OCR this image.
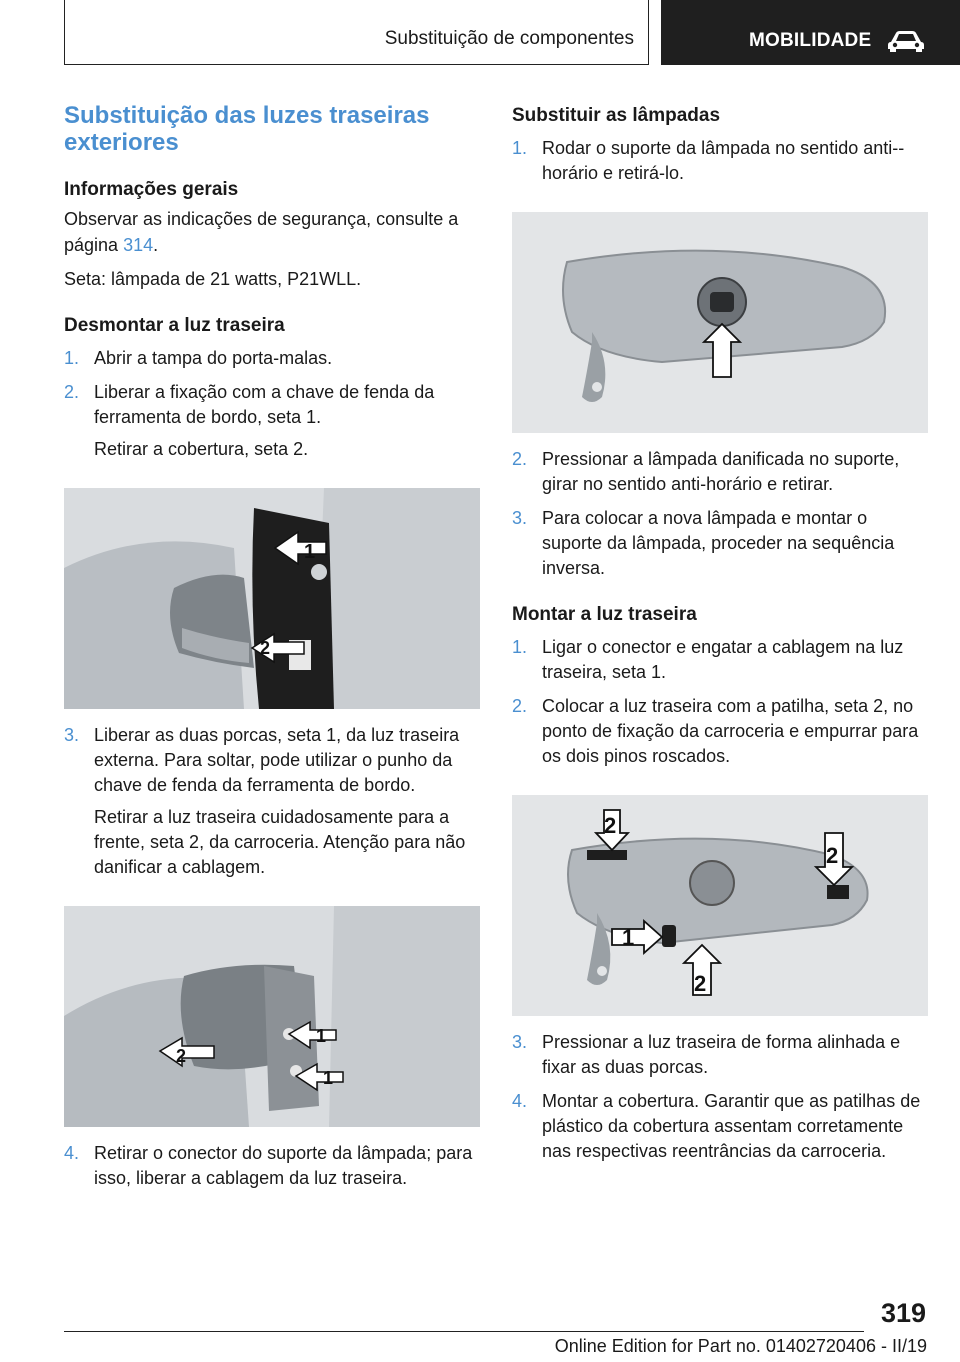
Substituição de componentes	MOBILIDADE
Substituição das luzes traseiras exteriores
Informações gerais

Observar as indicações de segurança, consulte a página 314.

Seta: lâmpada de 21 watts, P21WLL.

Desmontar a luz traseira
1. Abrir a tampa do porta-malas.
2. Liberar a fixação com a chave de fenda da ferramenta de bordo, seta 1.
Retirar a cobertura, seta 2.
1
2
3. Liberar as duas porcas, seta 1, da luz traseira externa. Para soltar, pode utilizar o punho da chave de fenda da ferramenta de bordo.
Retirar a luz traseira cuidadosamente para a frente, seta 2, da carroceria. Atenção para não danificar a cablagem.
1
1
2
4. Retirar o conector do suporte da lâmpada; para isso, liberar a cablagem da luz traseira.
Substituir as lâmpadas
1. Rodar o suporte da lâmpada no sentido anti--horário e retirá-lo.
2. Pressionar a lâmpada danificada no suporte, girar no sentido anti-horário e retirar.
3. Para colocar a nova lâmpada e montar o suporte da lâmpada, proceder na sequência inversa.
Montar a luz traseira
1. Ligar o conector e engatar a cablagem na luz traseira, seta 1.
2. Colocar a luz traseira com a patilha, seta 2, no ponto de fixação da carroceria e empurrar para os dois pinos roscados.
2
2
1
2
3. Pressionar a luz traseira de forma alinhada e fixar as duas porcas.
4. Montar a cobertura. Garantir que as patilhas de plástico da cobertura assentam corretamente nas respectivas reentrâncias da carroceria.
319
Online Edition for Part no. 01402720406 - II/19
